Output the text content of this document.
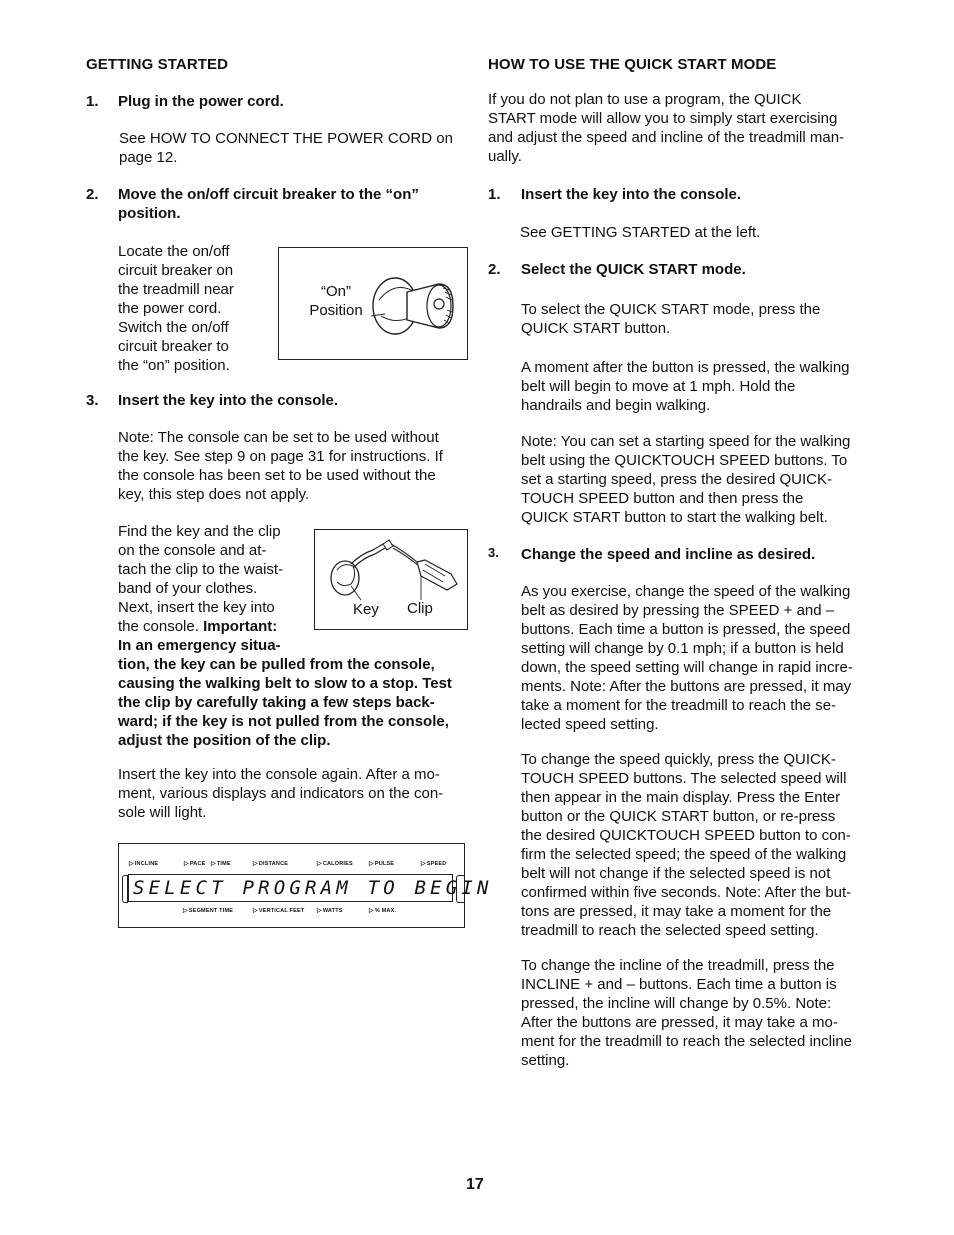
GETTING STARTED
1. Plug in the power cord.

See HOW TO CONNECT THE POWER CORD on

page 12.

2. Move the on/off circuit breaker to the “on”

position.

Locate the on/off

circuit breaker on

the treadmill near

the power cord.

Switch the on/off

circuit breaker to

the “on” position.

“On”

Position

3. Insert the key into the console.

Note: The console can be set to be used without

the key. See step 9 on page 31 for instructions. If

the console has been set to be used without the

key, this step does not apply.

Find the key and the clip

on the console and at-

tach the clip to the waist-

band of your clothes.

Next, insert the key into

the console. Important:

In an emergency situa-

tion, the key can be pulled from the console,

causing the walking belt to slow to a stop. Test

the clip by carefully taking a few steps back-

ward; if the key is not pulled from the console,

adjust the position of the clip.

Key Clip

Insert the key into the console again. After a mo-

ment, various displays and indicators on the con-

sole will light.

▷ INCLINE	▷ PACE	▷ TIME	▷ DISTANCE	▷ CALORIES	▷ PULSE	▷ SPEED
SELECT PROGRAM TO BEGIN
▷ SEGMENT TIME	▷ VERTICAL FEET	▷ WATTS	▷ % MAX.
HOW TO USE THE QUICK START MODE

If you do not plan to use a program, the QUICK

START mode will allow you to simply start exercising

and adjust the speed and incline of the treadmill man-

ually.

1. Insert the key into the console.
See GETTING STARTED at the left.
2. Select the QUICK START mode.

To select the QUICK START mode, press the

QUICK START button.

A moment after the button is pressed, the walking

belt will begin to move at 1 mph. Hold the

handrails and begin walking.

Note: You can set a starting speed for the walking

belt using the QUICKTOUCH SPEED buttons. To

set a starting speed, press the desired QUICK-

TOUCH SPEED button and then press the

QUICK START button to start the walking belt.

3. Change the speed and incline as desired.

As you exercise, change the speed of the walking

belt as desired by pressing the SPEED + and –

buttons. Each time a button is pressed, the speed

setting will change by 0.1 mph; if a button is held

down, the speed setting will change in rapid incre-

ments. Note: After the buttons are pressed, it may

take a moment for the treadmill to reach the se-

lected speed setting.

To change the speed quickly, press the QUICK-

TOUCH SPEED buttons. The selected speed will

then appear in the main display. Press the Enter

button or the QUICK START button, or re-press

the desired QUICKTOUCH SPEED button to con-

firm the selected speed; the speed of the walking

belt will not change if the selected speed is not

confirmed within five seconds. Note: After the but-

tons are pressed, it may take a moment for the

treadmill to reach the selected speed setting.

To change the incline of the treadmill, press the

INCLINE + and – buttons. Each time a button is

pressed, the incline will change by 0.5%. Note:

After the buttons are pressed, it may take a mo-

ment for the treadmill to reach the selected incline

setting.

17
